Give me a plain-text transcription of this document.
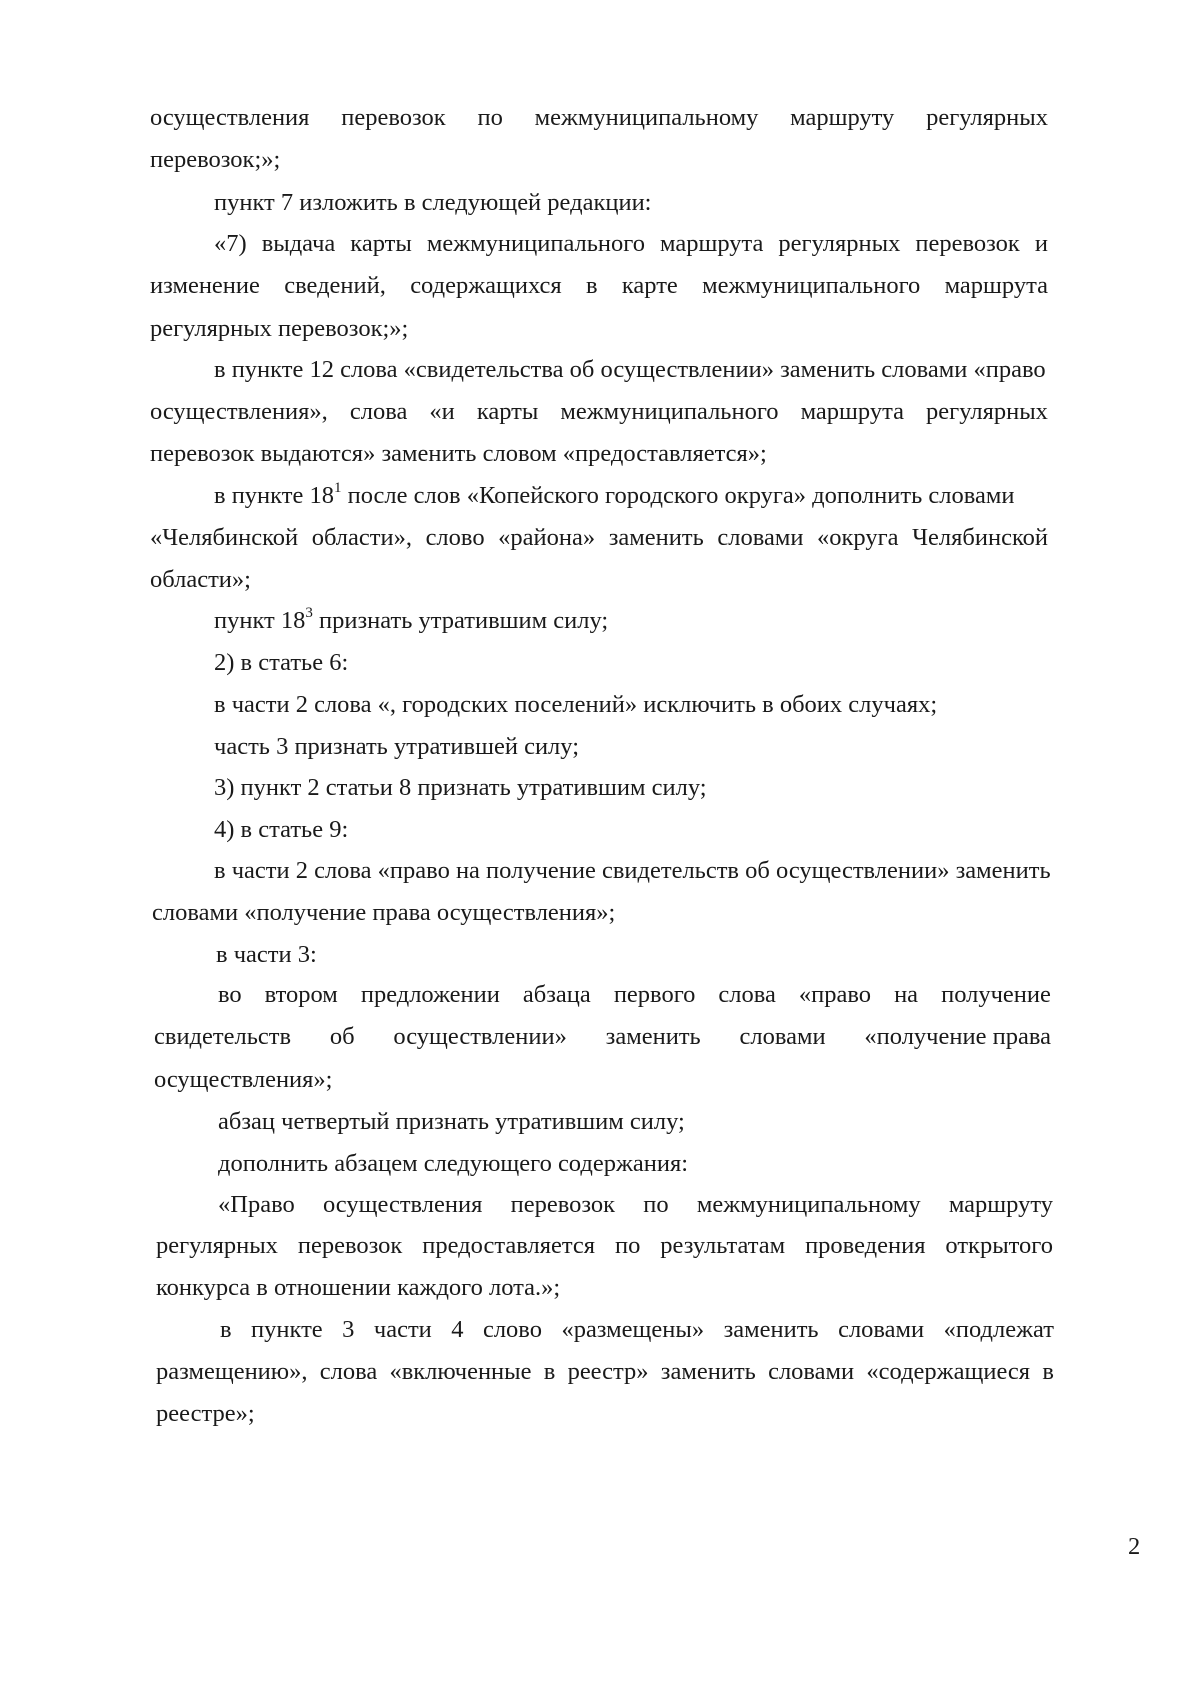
осуществления перевозок по межмуниципальному маршруту регулярных
перевозок;»;
пункт 7 изложить в следующей редакции:
«7) выдача карты межмуниципального маршрута регулярных перевозок и
изменение сведений, содержащихся в карте межмуниципального маршрута
регулярных перевозок;»;
в пункте 12 слова «свидетельства об осуществлении» заменить словами «право
осуществления», слова «и карты межмуниципального маршрута регулярных
перевозок выдаются» заменить словом «предоставляется»;
в пункте $18^1$ после слов «Копейского городского округа» дополнить словами
«Челябинской области», слово «района» заменить словами «округа Челябинской
области»;
пункт $18^3$ признать утратившим силу;
2) в статье 6:
в части 2 слова «, городских поселений» исключить в обоих случаях;
часть 3 признать утратившей силу;
3) пункт 2 статьи 8 признать утратившим силу;
4) в статье 9:
в части 2 слова «право на получение свидетельств об осуществлении» заменить
словами «получение права осуществления»;
в части 3:
во втором предложении абзаца первого слова «право на получение
свидетельств об осуществлении» заменить словами «получение права
осуществления»;
абзац четвертый признать утратившим силу;
дополнить абзацем следующего содержания:
«Право осуществления перевозок по межмуниципальному маршруту
регулярных перевозок предоставляется по результатам проведения открытого
конкурса в отношении каждого лота.»;
в пункте 3 части 4 слово «размещены» заменить словами «подлежат
размещению», слова «включенные в реестр» заменить словами «содержащиеся в
реестре»;
2
